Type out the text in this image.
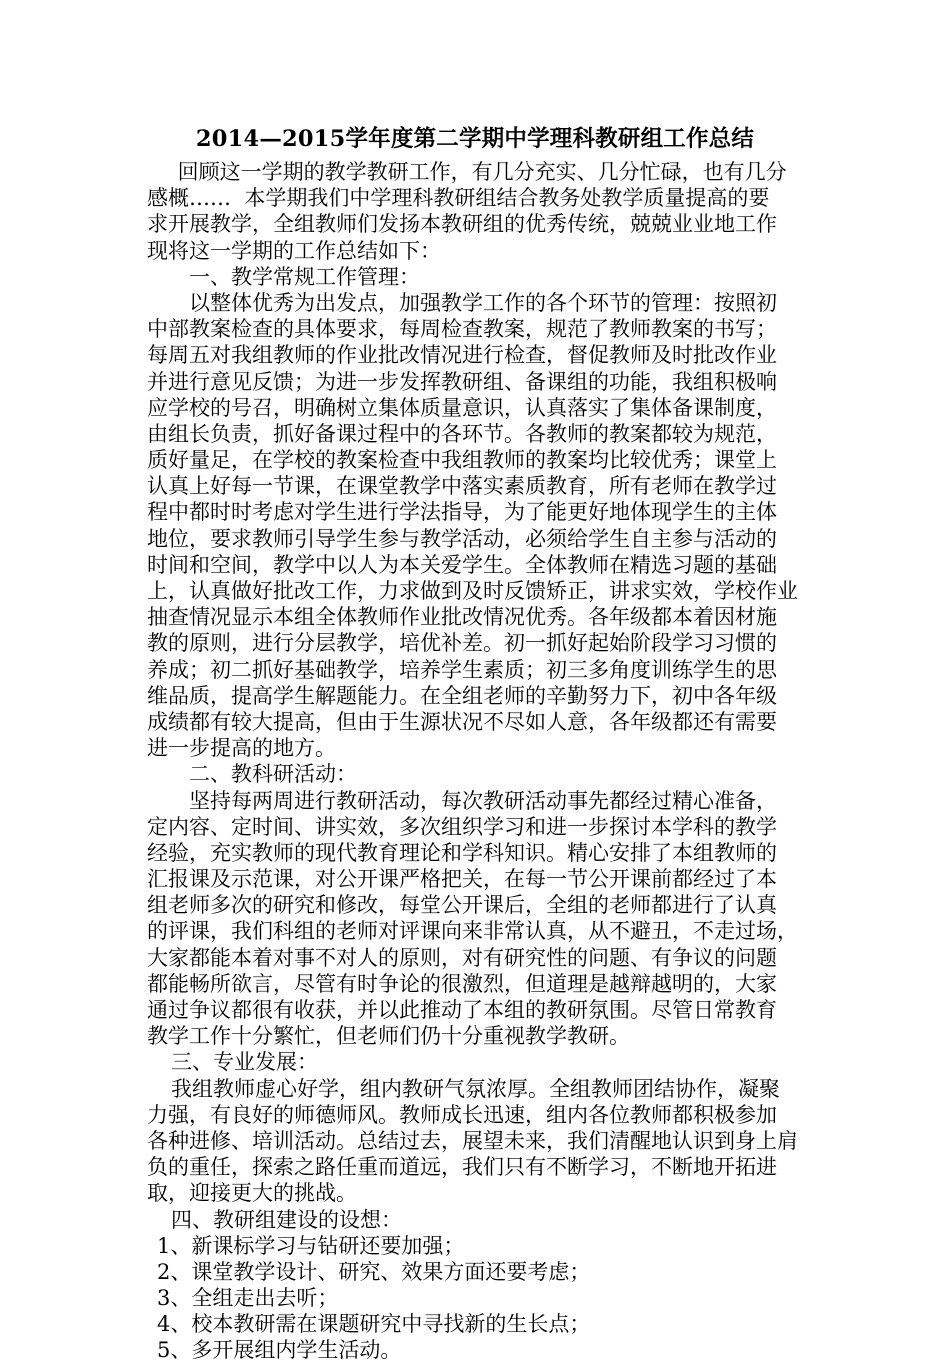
2014—2015学年度第二学期中学理科教研组工作总结
回顾这一学期的教学教研工作，有几分充实、几分忙碌，也有几分
感概……  本学期我们中学理科教研组结合教务处教学质量提高的要
求开展教学，全组教师们发扬本教研组的优秀传统，兢兢业业地工作
现将这一学期的工作总结如下：
一、教学常规工作管理：
以整体优秀为出发点，加强教学工作的各个环节的管理：按照初
中部教案检查的具体要求，每周检查教案，规范了教师教案的书写；
每周五对我组教师的作业批改情况进行检查，督促教师及时批改作业
并进行意见反馈；为进一步发挥教研组、备课组的功能，我组积极响
应学校的号召，明确树立集体质量意识，认真落实了集体备课制度，
由组长负责，抓好备课过程中的各环节。各教师的教案都较为规范，
质好量足，在学校的教案检查中我组教师的教案均比较优秀；课堂上
认真上好每一节课，在课堂教学中落实素质教育，所有老师在教学过
程中都时时考虑对学生进行学法指导，为了能更好地体现学生的主体
地位，要求教师引导学生参与教学活动，必须给学生自主参与活动的
时间和空间，教学中以人为本关爱学生。全体教师在精选习题的基础
上，认真做好批改工作，力求做到及时反馈矫正，讲求实效，学校作业
抽查情况显示本组全体教师作业批改情况优秀。各年级都本着因材施
教的原则，进行分层教学，培优补差。初一抓好起始阶段学习习惯的
养成；初二抓好基础教学，培养学生素质；初三多角度训练学生的思
维品质，提高学生解题能力。在全组老师的辛勤努力下，初中各年级
成绩都有较大提高，但由于生源状况不尽如人意，各年级都还有需要
进一步提高的地方。
二、教科研活动：
坚持每两周进行教研活动，每次教研活动事先都经过精心准备，
定内容、定时间、讲实效，多次组织学习和进一步探讨本学科的教学
经验，充实教师的现代教育理论和学科知识。精心安排了本组教师的
汇报课及示范课，对公开课严格把关，在每一节公开课前都经过了本
组老师多次的研究和修改，每堂公开课后，全组的老师都进行了认真
的评课，我们科组的老师对评课向来非常认真，从不避丑，不走过场，
大家都能本着对事不对人的原则，对有研究性的问题、有争议的问题
都能畅所欲言，尽管有时争论的很激烈，但道理是越辩越明的，大家
通过争议都很有收获，并以此推动了本组的教研氛围。尽管日常教育
教学工作十分繁忙，但老师们仍十分重视教学教研。
三、专业发展：
我组教师虚心好学，组内教研气氛浓厚。全组教师团结协作，凝聚
力强，有良好的师德师风。教师成长迅速，组内各位教师都积极参加
各种进修、培训活动。总结过去，展望未来，我们清醒地认识到身上肩
负的重任，探索之路任重而道远，我们只有不断学习，不断地开拓进
取，迎接更大的挑战。
四、教研组建设的设想：
1、新课标学习与钻研还要加强；
2、课堂教学设计、研究、效果方面还要考虑；
3、全组走出去听；
4、校本教研需在课题研究中寻找新的生长点；
5、多开展组内学生活动。
